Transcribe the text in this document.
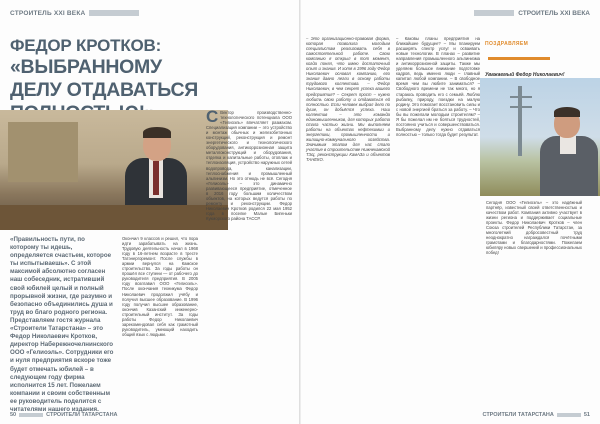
СТРОИТЕЛЬ XXI ВЕКА
ФЕДОР КРОТКОВ:
«ВЫБРАННОМУ ДЕЛУ ОТДАВАТЬСЯ
«Правильность пути, по которому ты идешь, определяется счастьем, которое ты испытываешь». С этой максимой абсолютно согласен наш собеседник, истративший свой юбилей целый и полный прорывной жизни, где разумно и безопасно объединились душа и труд во благо родного региона. Представляем гостя журнала «Строители Татарстана» – это Федор Николаевич Кротков, директор Набережночелнинского ООО «Гелиоэль». Сотрудники его и нуля предприятия вскоре тоже будет отмечать юбилей – в следующем году фирма исполнится 15 лет. Пожелаем компании и своим собственным ее руководитель поделится с читателями нашего издания.
С Вектор производственно-технологического потенциала ООО «Гелиоэль» впечатляет размахом. Специализация компании – это устройство и монтаж обычных и железобетонных конструкций, реконструкция и ремонт энергетического и технологического оборудования, антикоррозионная защита металлоконструкций и оборудования, отделка и капитальные работы, отоплаж и теплоизоляция, устройство наружных сетей водопровода, канализации, теплоснабжения и промышленный альпинизм. Но это отнюдь не всё. Сегодня «Гелиоэль» – это динамично развивающееся предприятие, отмеченное в 2016 году большим количеством объектов, на которых ведутся работы по ремонту и реконструкции. Федор Николаевич Кротков родился 22 мая 1952 года в поселке Малые Бигеньки Кукморского района ТАССР.
Окончил 9 классов и решил, что пора идти зарабатывать на жизнь. Трудовую деятельность начал в 1968 году в 16-летнем возрасте в тресте Татэнергоремонт. После службы в армии вернулся на Камское строительство. За годы работы он прошёл все ступени — от рабочего до руководителя предприятия. В 2005 году возглавил ООО «Гелиоэль». После окончания техникума Федор Николаевич продолжил учёбу и получил высшее образование. В 1996 году получил высшее образование, окончив Казанский инженерно-строительный институт. За годы работы Федор Николаевич зарекомендовал себя как грамотный руководитель, умеющий находить общий язык с людьми.
50	СТРОИТЕЛИ ТАТАРСТАНА
СТРОИТЕЛЬ XXI ВЕКА
– Это организационно-правовая форма, которая позволила молодым специалистам реализовать себя в самостоятельной работе. Свою компанию я открыл в тот момент, когда понял, что имею достаточный опыт и знания. И хотя в 1996 году Федор Николаевич основал компанию, его знания давно легли в основу работы трудового коллектива. – Федор Николаевич, в чем секрет успеха вашего предприятия? – Секрет прост – нужно любить свою работу и отдаваться ей полностью. Если человек выбрал дело по душе, он добьётся успеха. Наш коллектив – это команда единомышленников, для которых работа стала частью жизни. Мы выполняем работы на объектах нефтехимии и энергетики, промышленности и жилищно-коммунального хозяйства. Значимым этапом для нас стало участие в строительстве Нижнекамской ТЭЦ, реконструкции КамАЗа и объектов ТАНЕКО.
– Каковы планы предприятия на ближайшее будущее? – Мы планируем расширять спектр услуг и осваивать новые технологии. В планах – развитие направления промышленного альпинизма и антикоррозионной защиты. Также мы уделяем большое внимание подготовке кадров, ведь именно люди – главный капитал любой компании. – В свободное время чем вы любите заниматься? – Свободного времени не так много, но я стараюсь проводить его с семьёй. Люблю рыбалку, природу, поездки на малую родину. Это помогает восстановить силы и с новой энергией браться за работу. – Что бы вы пожелали молодым строителям? – Я бы пожелал им не бояться трудностей, постоянно учиться и совершенствоваться. Выбранному делу нужно отдаваться полностью – только тогда будет результат.
ПОЗДРАВЛЯЕМ
Уважаемый Федор Николаевич!
Сегодня ООО «Гелиоэль» – это надёжный партнёр, известный своей ответственностью и качеством работ. Компания активно участвует в жизни региона и поддерживает социальные проекты. Федор Николаевич Кротков – член Союза строителей Республики Татарстан, за многолетний добросовестный труд неоднократно награждался почётными грамотами и благодарностями. Пожелаем юбиляру новых свершений и профессиональных побед!
СТРОИТЕЛИ ТАТАРСТАНА	51
